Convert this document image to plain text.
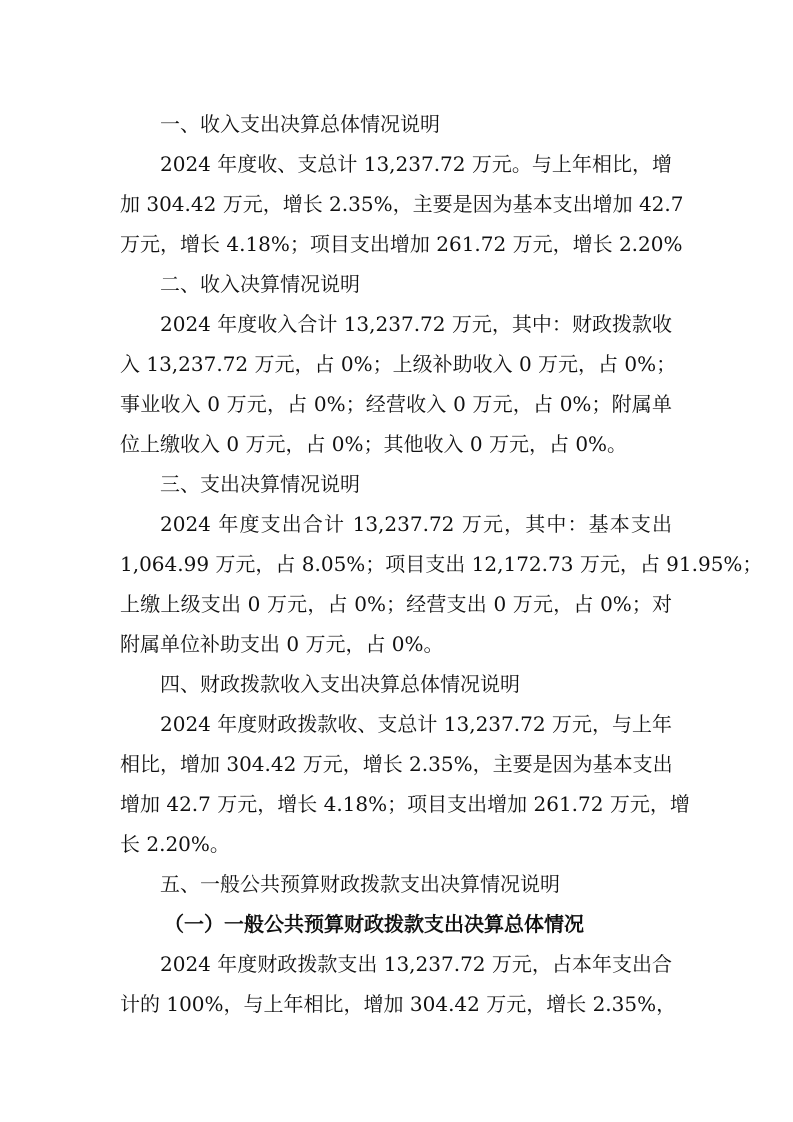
一、收入支出决算总体情况说明
2024 年度收、支总计 13,237.72 万元。与上年相比，增
加 304.42 万元，增长 2.35%，主要是因为基本支出增加 42.7
万元，增长 4.18%；项目支出增加 261.72 万元，增长 2.20%
二、收入决算情况说明
2024 年度收入合计 13,237.72 万元，其中：财政拨款收
入 13,237.72 万元，占 0%；上级补助收入 0 万元，占 0%；
事业收入 0 万元，占 0%；经营收入 0 万元，占 0%；附属单
位上缴收入 0 万元，占 0%；其他收入 0 万元，占 0%。
三、支出决算情况说明
2024 年度支出合计 13,237.72 万元，其中：基本支出
1,064.99 万元，占 8.05%；项目支出 12,172.73 万元，占 91.95%；
上缴上级支出 0 万元，占 0%；经营支出 0 万元，占 0%；对
附属单位补助支出 0 万元，占 0%。
四、财政拨款收入支出决算总体情况说明
2024 年度财政拨款收、支总计 13,237.72 万元，与上年
相比，增加 304.42 万元，增长 2.35%，主要是因为基本支出
增加 42.7 万元，增长 4.18%；项目支出增加 261.72 万元，增
长 2.20%。
五、一般公共预算财政拨款支出决算情况说明
（一）一般公共预算财政拨款支出决算总体情况
2024 年度财政拨款支出 13,237.72 万元，占本年支出合
计的 100%，与上年相比，增加 304.42 万元，增长 2.35%，
